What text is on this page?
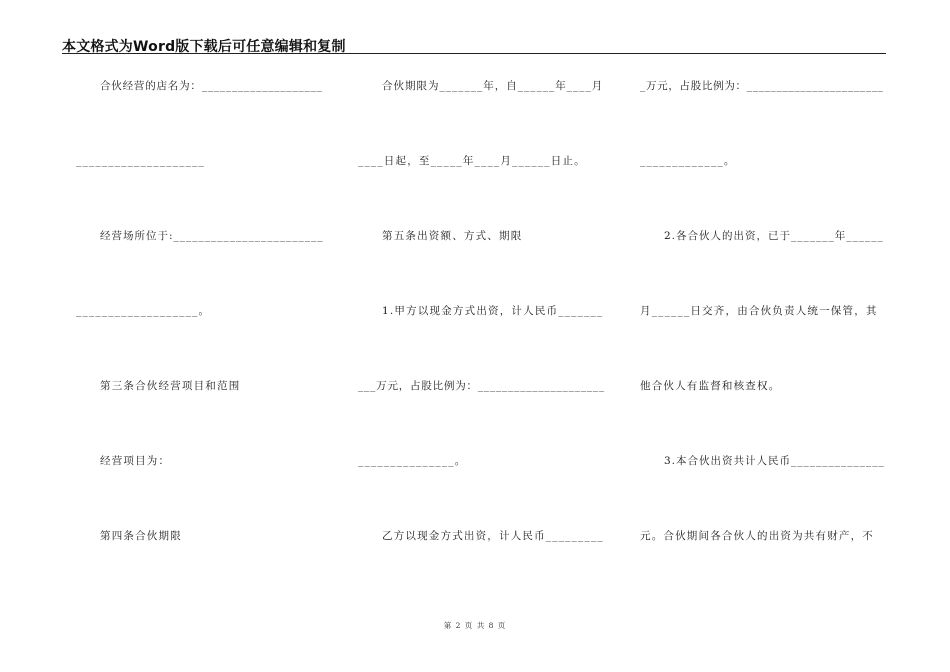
本文格式为Word版下载后可任意编辑和复制
合伙经营的店名为：____________________
____________________
经营场所位于:________________________
___________________。
第三条合伙经营项目和范围
经营项目为：
第四条合伙期限
合伙期限为_______年，自______年____月
____日起，至_____年____月______日止。
第五条出资额、方式、期限
1.甲方以现金方式出资，计人民币_______
___万元，占股比例为：_____________________
_______________。
乙方以现金方式出资，计人民币_________
_万元，占股比例为：_______________________
_____________。
2.各合伙人的出资，已于_______年______
月______日交齐，由合伙负责人统一保管，其
他合伙人有监督和核查权。
3.本合伙出资共计人民币_______________
元。合伙期间各合伙人的出资为共有财产，不
第 2 页 共 8 页
